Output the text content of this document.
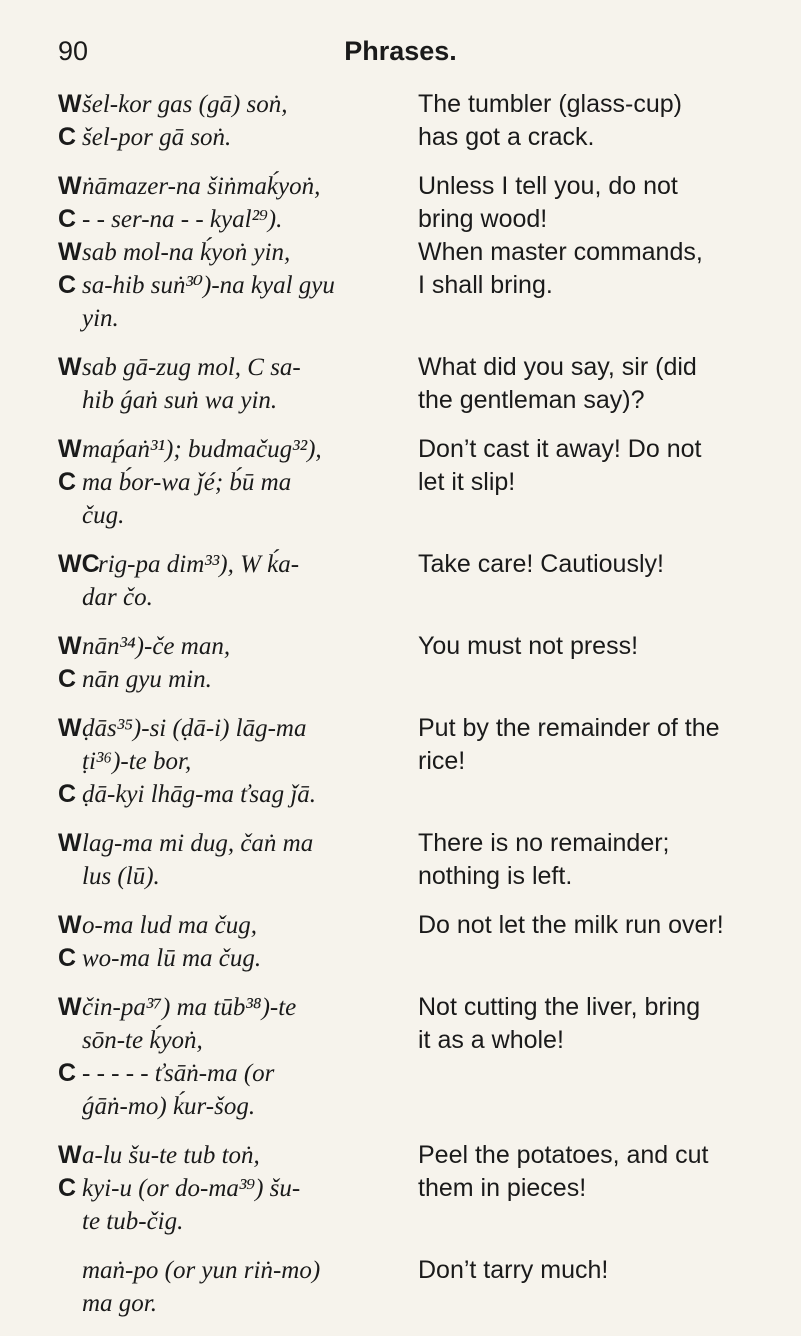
90	Phrases.
W šel-kor gas (gā) soṅ,
C šel-por gā soṅ.
The tumbler (glass-cup)
has got a crack.
W ṅāmazer-na šiṅmaḱyoṅ,
C - - ser-na - - kyal²⁹).
W sab mol-na ḱyoṅ yin,
C sa-hib suṅ³⁰)-na kyal gyu
yin.
Unless I tell you, do not
bring wood!
When master commands,
I shall bring.
W sab gā-zug mol, C sa-
hib ǵaṅ suṅ wa yin.
What did you say, sir (did
the gentleman say)?
W maṕaṅ³¹); budmačug³²),
C ma b́or-wa ǰé; b́ū ma
čug.
Don’t cast it away! Do not
let it slip!
WC
rig-pa dim³³), W ḱa-
dar čo.
Take care! Cautiously!
W nān³⁴)-če man,
C nān gyu min.
You must not press!
W ḍās³⁵)-si (ḍā-i) lāg-ma
ṭi³⁶)-te bor,
C ḍā-kyi lhāg-ma ťsag ǰā.
Put by the remainder of the
rice!
W lag-ma mi dug, čaṅ ma
lus (lū).
There is no remainder;
nothing is left.
W o-ma lud ma čug,
C wo-ma lū ma čug.
Do not let the milk run over!
W čin-pa³⁷) ma tūb³⁸)-te
sōn-te ḱyoṅ,
C - - - - - ťsāṅ-ma (or
ǵāṅ-mo) ḱur-šog.
Not cutting the liver, bring
it as a whole!
W a-lu šu-te tub toṅ,
C kyi-u (or do-ma³⁹) šu-
te tub-čig.
Peel the potatoes, and cut
them in pieces!
maṅ-po (or yun riṅ-mo)
ma gor.
Don’t tarry much!
